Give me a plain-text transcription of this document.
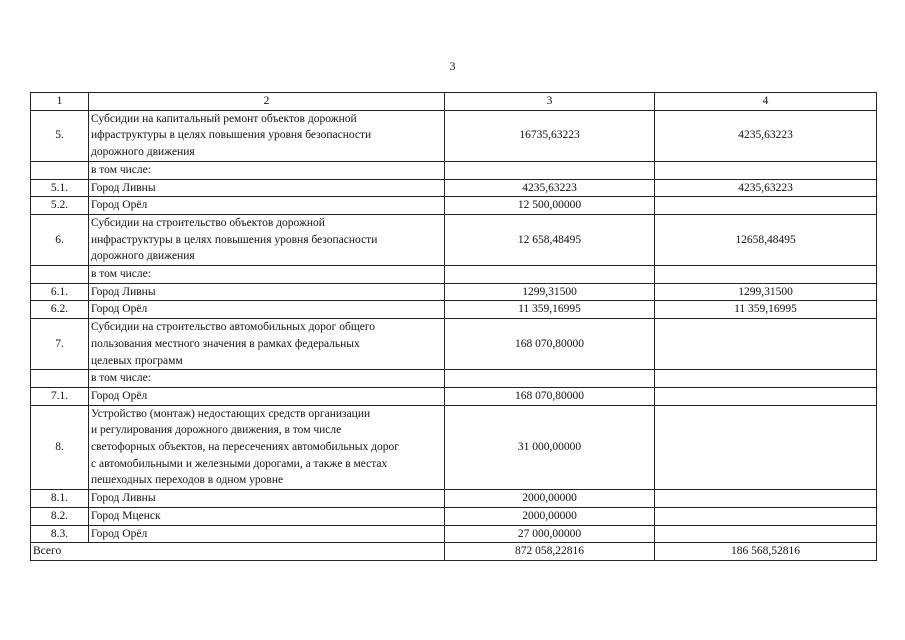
3
1	2	3	4
5.	Субсидии на капитальный ремонт объектов дорожной
ифраструктуры в целях повышения уровня безопасности
дорожного движения	16735,63223	4235,63223

	в том числе:		

5.1.	Город Ливны	4235,63223	4235,63223
5.2.	Город Орёл	12 500,00000	
6.	Субсидии на строительство объектов дорожной
инфраструктуры в целях повышения уровня безопасности
дорожного движения	12 658,48495	12658,48495

	в том числе:		

6.1.	Город Ливны	1299,31500	1299,31500
6.2.	Город Орёл	11 359,16995	11 359,16995
7.	Субсидии на строительство автомобильных дорог общего
пользования местного значения в рамках федеральных
целевых программ	168 070,80000	

	в том числе:		

7.1.	Город Орёл	168 070,80000	
8.	Устройство (монтаж) недостающих средств организации
и регулирования дорожного движения, в том числе
светофорных объектов, на пересечениях автомобильных дорог
с автомобильными и железными дорогами, а также в местах
пешеходных переходов в одном уровне	31 000,00000	
8.1.	Город Ливны	2000,00000	
8.2.	Город Мценск	2000,00000	
8.3.	Город Орёл	27 000,00000	
Всего		872 058,22816	186 568,52816
